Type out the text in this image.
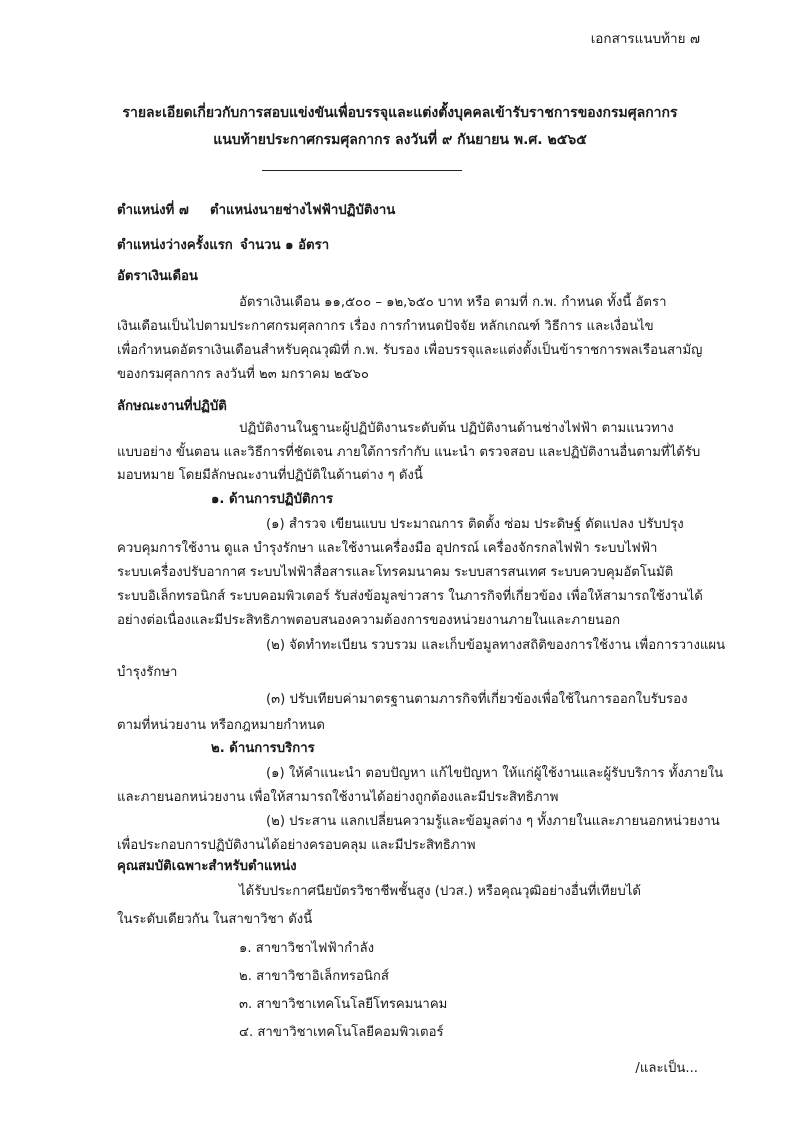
เอกสารแนบท้าย ๗
รายละเอียดเกี่ยวกับการสอบแข่งขันเพื่อบรรจุและแต่งตั้งบุคคลเข้ารับราชการของกรมศุลกากร
แนบท้ายประกาศกรมศุลกากร ลงวันที่ ๙ กันยายน พ.ศ. ๒๕๖๕
ตำแหน่งที่ ๗ ตำแหน่งนายช่างไฟฟ้าปฏิบัติงาน
ตำแหน่งว่างครั้งแรก จำนวน ๑ อัตรา
อัตราเงินเดือน
อัตราเงินเดือน ๑๑,๕๐๐ – ๑๒,๖๕๐ บาท หรือ ตามที่ ก.พ. กำหนด ทั้งนี้ อัตรา
เงินเดือนเป็นไปตามประกาศกรมศุลกากร เรื่อง การกำหนดปัจจัย หลักเกณฑ์ วิธีการ และเงื่อนไข
เพื่อกำหนดอัตราเงินเดือนสำหรับคุณวุฒิที่ ก.พ. รับรอง เพื่อบรรจุและแต่งตั้งเป็นข้าราชการพลเรือนสามัญ
ของกรมศุลกากร ลงวันที่ ๒๓ มกราคม ๒๕๖๐
ลักษณะงานที่ปฏิบัติ
ปฏิบัติงานในฐานะผู้ปฏิบัติงานระดับต้น ปฏิบัติงานด้านช่างไฟฟ้า ตามแนวทาง
แบบอย่าง ขั้นตอน และวิธีการที่ชัดเจน ภายใต้การกำกับ แนะนำ ตรวจสอบ และปฏิบัติงานอื่นตามที่ได้รับ
มอบหมาย โดยมีลักษณะงานที่ปฏิบัติในด้านต่าง ๆ ดังนี้
๑. ด้านการปฏิบัติการ
(๑) สำรวจ เขียนแบบ ประมาณการ ติดตั้ง ซ่อม ประดิษฐ์ ดัดแปลง ปรับปรุง
ควบคุมการใช้งาน ดูแล บำรุงรักษา และใช้งานเครื่องมือ อุปกรณ์ เครื่องจักรกลไฟฟ้า ระบบไฟฟ้า
ระบบเครื่องปรับอากาศ ระบบไฟฟ้าสื่อสารและโทรคมนาคม ระบบสารสนเทศ ระบบควบคุมอัตโนมัติ
ระบบอิเล็กทรอนิกส์ ระบบคอมพิวเตอร์ รับส่งข้อมูลข่าวสาร ในภารกิจที่เกี่ยวข้อง เพื่อให้สามารถใช้งานได้
อย่างต่อเนื่องและมีประสิทธิภาพตอบสนองความต้องการของหน่วยงานภายในและภายนอก
(๒) จัดทำทะเบียน รวบรวม และเก็บข้อมูลทางสถิติของการใช้งาน เพื่อการวางแผน
บำรุงรักษา
(๓) ปรับเทียบค่ามาตรฐานตามภารกิจที่เกี่ยวข้องเพื่อใช้ในการออกใบรับรอง
ตามที่หน่วยงาน หรือกฎหมายกำหนด
๒. ด้านการบริการ
(๑) ให้คำแนะนำ ตอบปัญหา แก้ไขปัญหา ให้แก่ผู้ใช้งานและผู้รับบริการ ทั้งภายใน
และภายนอกหน่วยงาน เพื่อให้สามารถใช้งานได้อย่างถูกต้องและมีประสิทธิภาพ
(๒) ประสาน แลกเปลี่ยนความรู้และข้อมูลต่าง ๆ ทั้งภายในและภายนอกหน่วยงาน
เพื่อประกอบการปฏิบัติงานได้อย่างครอบคลุม และมีประสิทธิภาพ
คุณสมบัติเฉพาะสำหรับตำแหน่ง
ได้รับประกาศนียบัตรวิชาชีพชั้นสูง (ปวส.) หรือคุณวุฒิอย่างอื่นที่เทียบได้
ในระดับเดียวกัน ในสาขาวิชา ดังนี้
๑. สาขาวิชาไฟฟ้ากำลัง
๒. สาขาวิชาอิเล็กทรอนิกส์
๓. สาขาวิชาเทคโนโลยีโทรคมนาคม
๔. สาขาวิชาเทคโนโลยีคอมพิวเตอร์
/และเป็น...
